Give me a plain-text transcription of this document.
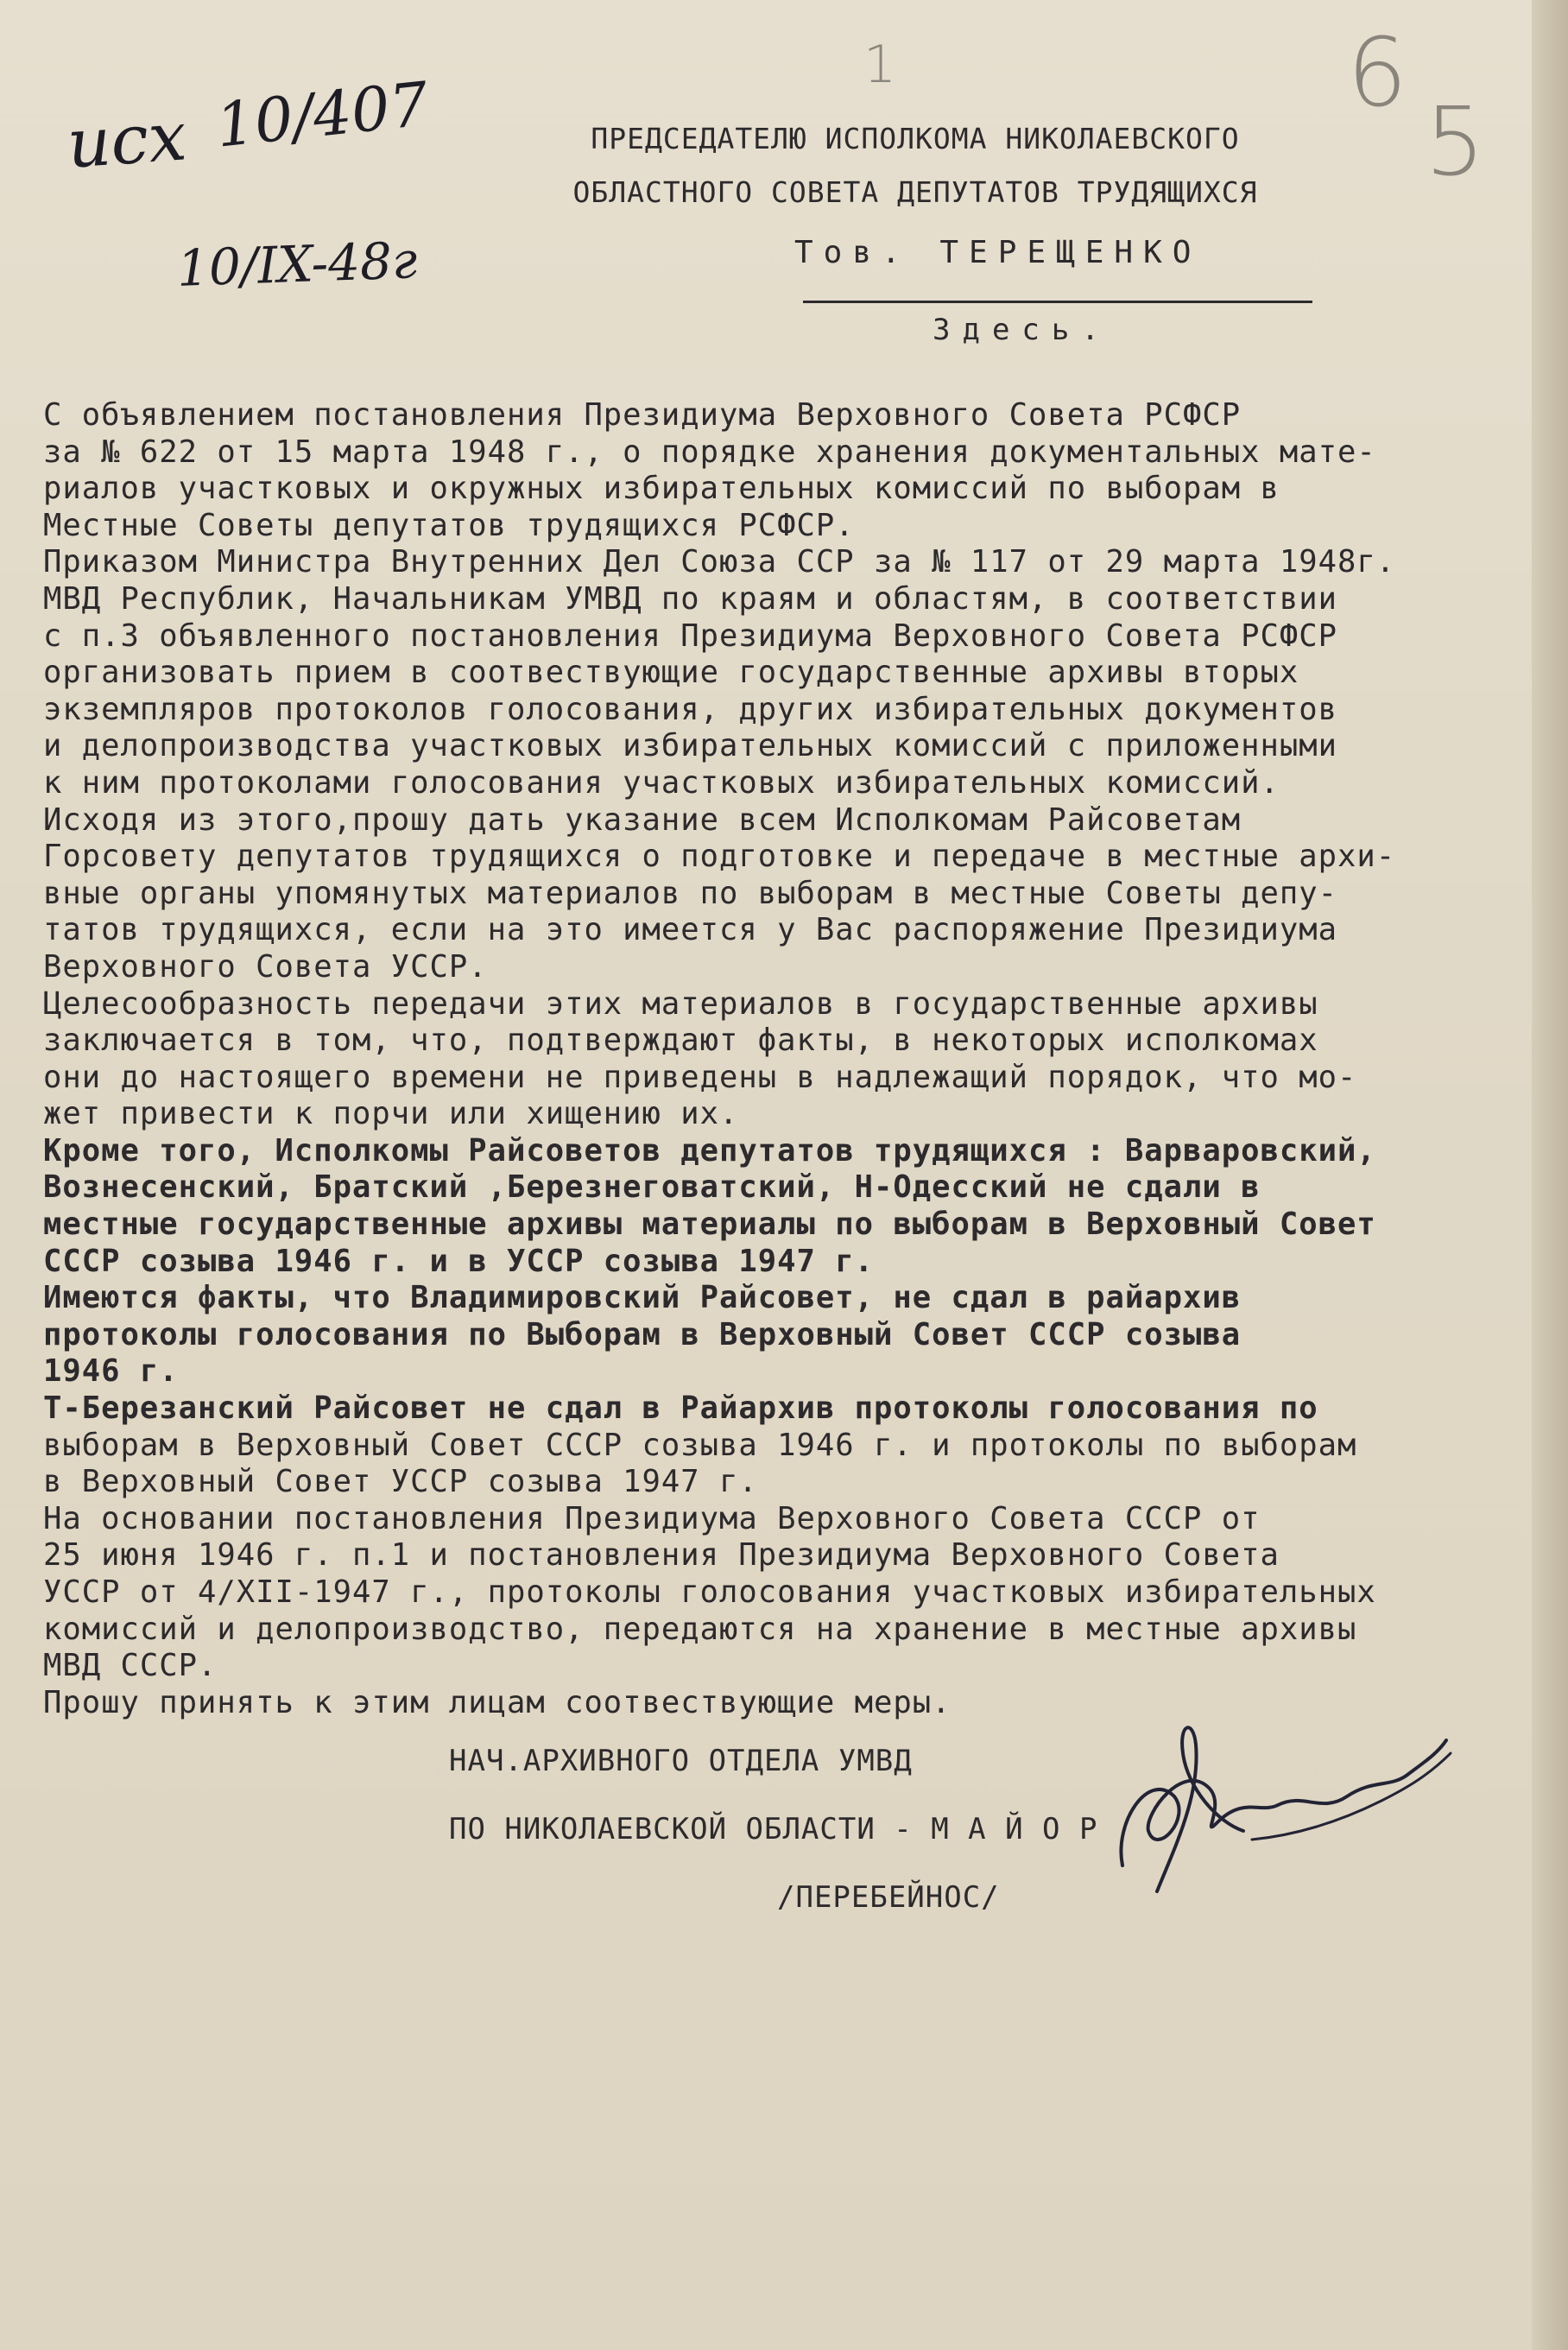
исх 10/407
10/IX-48г
1	6
5
ПРЕДСЕДАТЕЛЮ ИСПОЛКОМА НИКОЛАЕВСКОГО
ОБЛАСТНОГО СОВЕТА ДЕПУТАТОВ ТРУДЯЩИХСЯ
Тов. ТЕРЕЩЕНКО
Здесь.
С объявлением постановления Президиума Верховного Совета РСФСР
за № 622 от 15 марта 1948 г., о порядке хранения документальных мате-
риалов участковых и окружных избирательных комиссий по выборам в
Местные Советы депутатов трудящихся РСФСР.
Приказом Министра Внутренних Дел Союза ССР за № 117 от 29 марта 1948г.
МВД Республик, Начальникам УМВД по краям и областям, в соответствии
с п.3 объявленного постановления Президиума Верховного Совета РСФСР
организовать прием в соотвествующие государственные архивы вторых
экземпляров протоколов голосования, других избирательных документов
и делопроизводства участковых избирательных комиссий с приложенными
к ним протоколами голосования участковых избирательных комиссий.
Исходя из этого,прошу дать указание всем Исполкомам Райсоветам
Горсовету депутатов трудящихся о подготовке и передаче в местные архи-
вные органы упомянутых материалов по выборам в местные Советы депу-
татов трудящихся, если на это имеется у Вас распоряжение Президиума
Верховного Совета УССР.
Целесообразность передачи этих материалов в государственные архивы
заключается в том, что, подтверждают факты, в некоторых исполкомах
они до настоящего времени не приведены в надлежащий порядок, что мо-
жет привести к порчи или хищению их.
Кроме того, Исполкомы Райсоветов депутатов трудящихся : Варваровский,
Вознесенский, Братский ,Березнеговатский, Н-Одесский не сдали в
местные государственные архивы материалы по выборам в Верховный Совет
СССР созыва 1946 г. и в УССР созыва 1947 г.
Имеются факты, что Владимировский Райсовет, не сдал в райархив
протоколы голосования по Выборам в Верховный Совет СССР созыва
1946 г.
Т-Березанский Райсовет не сдал в Райархив протоколы голосования по
выборам в Верховный Совет СССР созыва 1946 г. и протоколы по выборам
в Верховный Совет УССР созыва 1947 г.
На основании постановления Президиума Верховного Совета СССР от
25 июня 1946 г. п.1 и постановления Президиума Верховного Совета
УССР от 4/XII-1947 г., протоколы голосования участковых избирательных
комиссий и делопроизводство, передаются на хранение в местные архивы
МВД СССР.
Прошу принять к этим лицам соотвествующие меры.
НАЧ.АРХИВНОГО ОТДЕЛА УМВД
ПО НИКОЛАЕВСКОЙ ОБЛАСТИ - М А Й О Р
/ПЕРЕБЕЙНОС/
